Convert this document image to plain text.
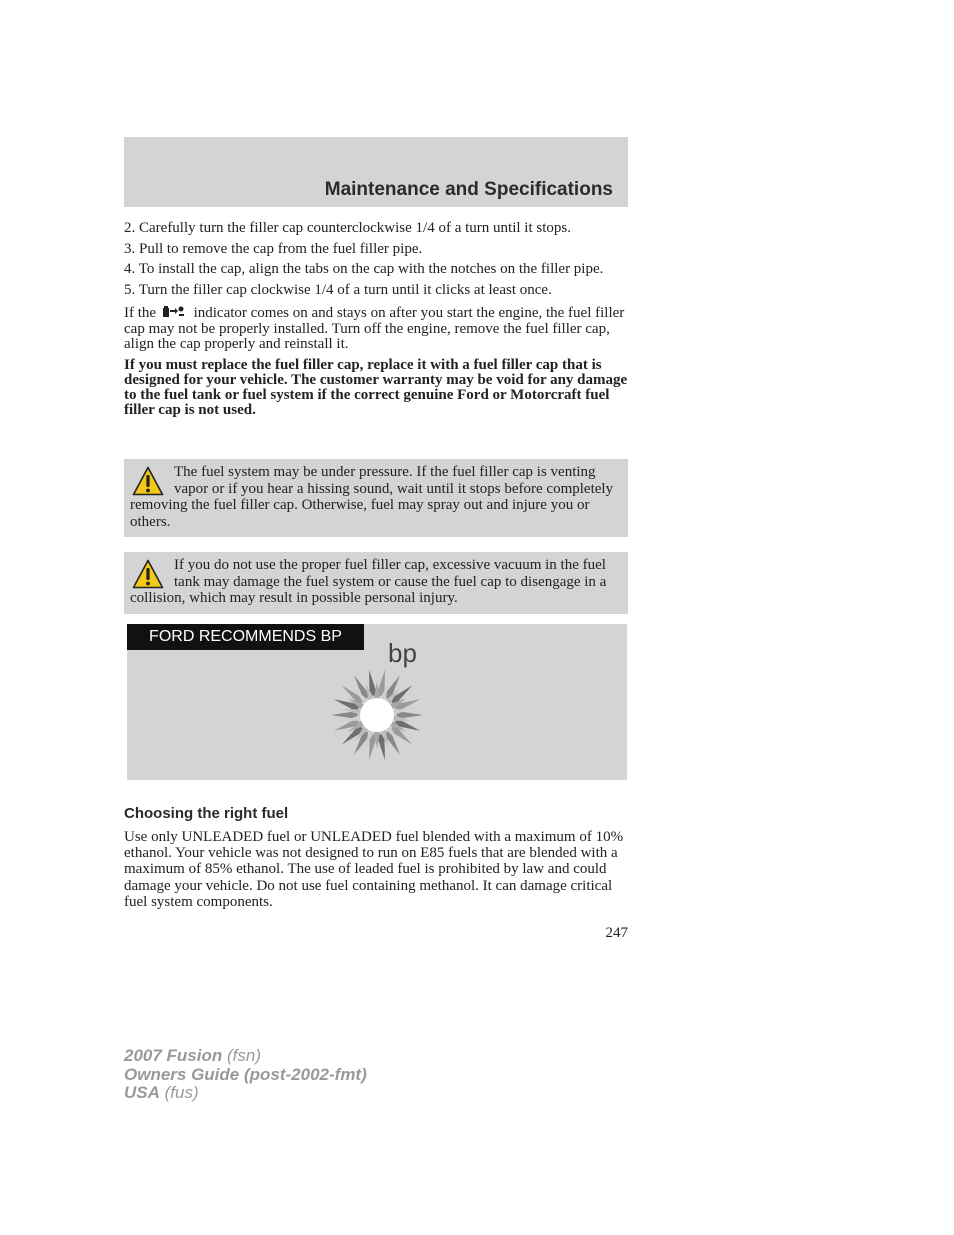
Maintenance and Specifications

2. Carefully turn the filler cap counterclockwise 1/4 of a turn until it stops.

3. Pull to remove the cap from the fuel filler pipe.

4. To install the cap, align the tabs on the cap with the notches on the filler pipe.

5. Turn the filler cap clockwise 1/4 of a turn until it clicks at least once.

If the	indicator comes on and stays on after you start the engine, the fuel filler cap may not be properly installed. Turn off the engine, remove the fuel filler cap, align the cap properly and reinstall it.

If you must replace the fuel filler cap, replace it with a fuel filler cap that is designed for your vehicle. The customer warranty may be void for any damage to the fuel tank or fuel system if the correct genuine Ford or Motorcraft fuel filler cap is not used.

The fuel system may be under pressure. If the fuel filler cap is venting vapor or if you hear a hissing sound, wait until it stops before completely removing the fuel filler cap. Otherwise, fuel may spray out and injure you or others.

If you do not use the proper fuel filler cap, excessive vacuum in the fuel tank may damage the fuel system or cause the fuel cap to disengage in a collision, which may result in possible personal injury.

FORD RECOMMENDS BP
bp
Choosing the right fuel

Use only UNLEADED fuel or UNLEADED fuel blended with a maximum of 10% ethanol. Your vehicle was not designed to run on E85 fuels that are blended with a maximum of 85% ethanol. The use of leaded fuel is prohibited by law and could damage your vehicle. Do not use fuel containing methanol. It can damage critical fuel system components.

247
2007 Fusion (fsn)
Owners Guide (post-2002-fmt)
USA (fus)
